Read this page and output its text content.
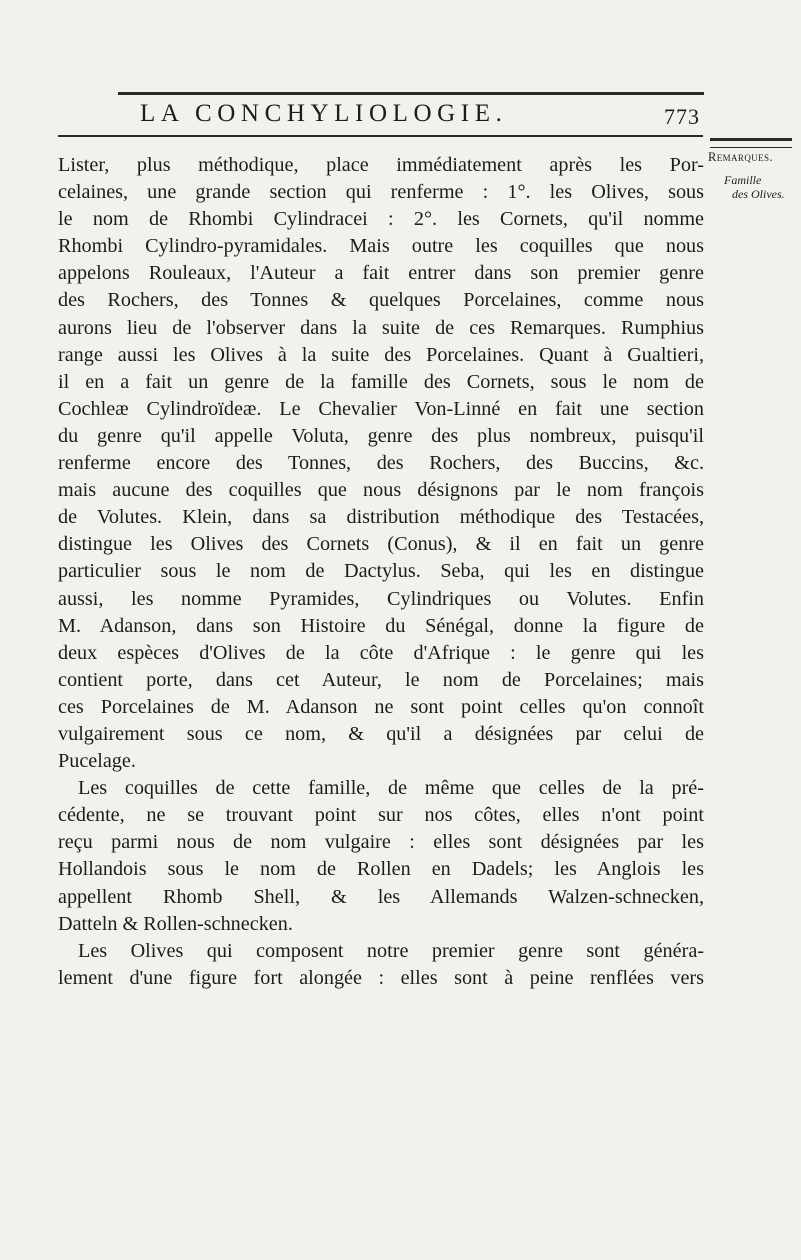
LA CONCHYLIOLOGIE.	773
Remarques.
Famille
des Olives.
Lister, plus méthodique, place immédiatement après les Por-
celaines, une grande section qui renferme : 1°. les Olives, sous
le nom de Rhombi Cylindracei : 2°. les Cornets, qu'il nomme
Rhombi Cylindro-pyramidales. Mais outre les coquilles que nous
appelons Rouleaux, l'Auteur a fait entrer dans son premier genre
des Rochers, des Tonnes & quelques Porcelaines, comme nous
aurons lieu de l'observer dans la suite de ces Remarques. Rumphius
range aussi les Olives à la suite des Porcelaines. Quant à Gualtieri,
il en a fait un genre de la famille des Cornets, sous le nom de
Cochleæ Cylindroïdeæ. Le Chevalier Von-Linné en fait une section
du genre qu'il appelle Voluta, genre des plus nombreux, puisqu'il
renferme encore des Tonnes, des Rochers, des Buccins, &c.
mais aucune des coquilles que nous désignons par le nom françois
de Volutes. Klein, dans sa distribution méthodique des Testacées,
distingue les Olives des Cornets (Conus), & il en fait un genre
particulier sous le nom de Dactylus. Seba, qui les en distingue
aussi, les nomme Pyramides, Cylindriques ou Volutes. Enfin
M. Adanson, dans son Histoire du Sénégal, donne la figure de
deux espèces d'Olives de la côte d'Afrique : le genre qui les
contient porte, dans cet Auteur, le nom de Porcelaines; mais
ces Porcelaines de M. Adanson ne sont point celles qu'on connoît
vulgairement sous ce nom, & qu'il a désignées par celui de
Pucelage.
Les coquilles de cette famille, de même que celles de la pré-
cédente, ne se trouvant point sur nos côtes, elles n'ont point
reçu parmi nous de nom vulgaire : elles sont désignées par les
Hollandois sous le nom de Rollen en Dadels; les Anglois les
appellent Rhomb Shell, & les Allemands Walzen-schnecken,
Datteln & Rollen-schnecken.
Les Olives qui composent notre premier genre sont généra-
lement d'une figure fort alongée : elles sont à peine renflées vers
